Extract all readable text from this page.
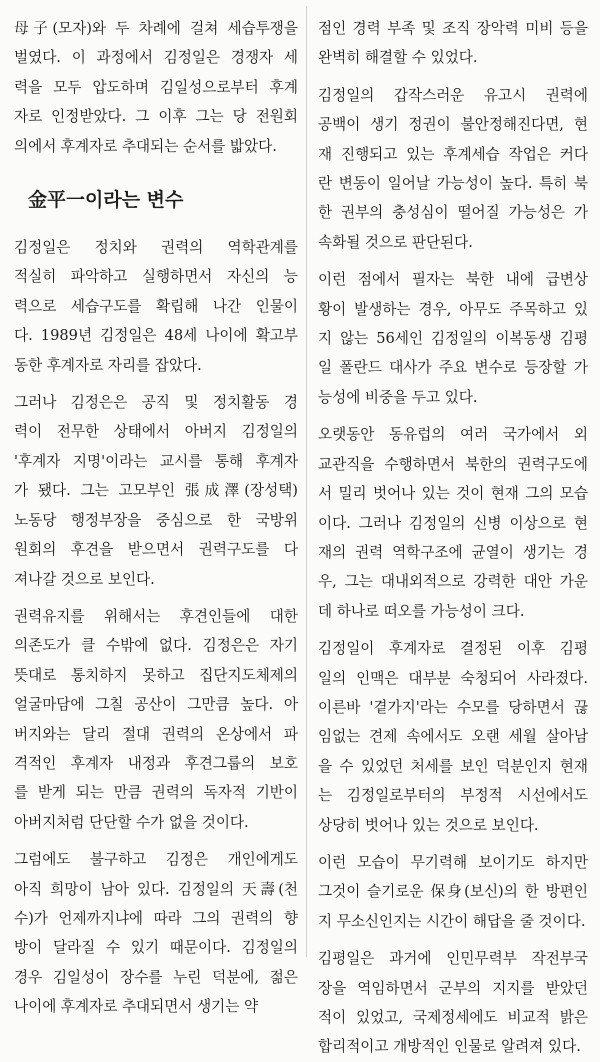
母子(모자)와 두 차례에 걸쳐 세습투쟁을
벌였다. 이 과정에서 김정일은 경쟁자 세
력을 모두 압도하며 김일성으로부터 후계
자로 인정받았다. 그 이후 그는 당 전원회
의에서 후계자로 추대되는 순서를 밟았다.
金平一이라는 변수
김정일은 정치와 권력의 역학관계를
적실히 파악하고 실행하면서 자신의 능
력으로 세습구도를 확립해 나간 인물이
다. 1989년 김정일은 48세 나이에 확고부
동한 후계자로 자리를 잡았다.
그러나 김정은은 공직 및 정치활동 경
력이 전무한 상태에서 아버지 김정일의
'후계자 지명'이라는 교시를 통해 후계자
가 됐다. 그는 고모부인 張成澤(장성택)
노동당 행정부장을 중심으로 한 국방위
원회의 후견을 받으면서 권력구도를 다
져나갈 것으로 보인다.
권력유지를 위해서는 후견인들에 대한
의존도가 클 수밖에 없다. 김정은은 자기
뜻대로 통치하지 못하고 집단지도체제의
얼굴마담에 그칠 공산이 그만큼 높다. 아
버지와는 달리 절대 권력의 온상에서 파
격적인 후계자 내정과 후견그룹의 보호
를 받게 되는 만큼 권력의 독자적 기반이
아버지처럼 단단할 수가 없을 것이다.
그럼에도 불구하고 김정은 개인에게도
아직 희망이 남아 있다. 김정일의 天壽(천
수)가 언제까지냐에 따라 그의 권력의 향
방이 달라질 수 있기 때문이다. 김정일의
경우 김일성이 장수를 누린 덕분에, 젊은
나이에 후계자로 추대되면서 생기는 약
점인 경력 부족 및 조직 장악력 미비 등을
완벽히 해결할 수 있었다.
김정일의 갑작스러운 유고시 권력에
공백이 생기 정권이 불안정해진다면, 현
재 진행되고 있는 후계세습 작업은 커다
란 변동이 일어날 가능성이 높다. 특히 북
한 권부의 충성심이 떨어질 가능성은 가
속화될 것으로 판단된다.
이런 점에서 필자는 북한 내에 급변상
황이 발생하는 경우, 아무도 주목하고 있
지 않는 56세인 김정일의 이복동생 김평
일 폴란드 대사가 주요 변수로 등장할 가
능성에 비중을 두고 있다.
오랫동안 동유럽의 여러 국가에서 외
교관직을 수행하면서 북한의 권력구도에
서 밀리 벗어나 있는 것이 현재 그의 모습
이다. 그러나 김정일의 신병 이상으로 현
재의 권력 역학구조에 균열이 생기는 경
우, 그는 대내외적으로 강력한 대안 가운
데 하나로 떠오를 가능성이 크다.
김정일이 후계자로 결정된 이후 김평
일의 인맥은 대부분 숙청되어 사라졌다.
이른바 '곁가지'라는 수모를 당하면서 끊
임없는 견제 속에서도 오랜 세월 살아남
을 수 있었던 처세를 보인 덕분인지 현재
는 김정일로부터의 부정적 시선에서도
상당히 벗어나 있는 것으로 보인다.
이런 모습이 무기력해 보이기도 하지만
그것이 슬기로운 保身(보신)의 한 방편인
지 무소신인지는 시간이 해답을 줄 것이다.
김평일은 과거에 인민무력부 작전부국
장을 역임하면서 군부의 지지를 받았던
적이 있었고, 국제정세에도 비교적 밝은
합리적이고 개방적인 인물로 알려져 있다.
